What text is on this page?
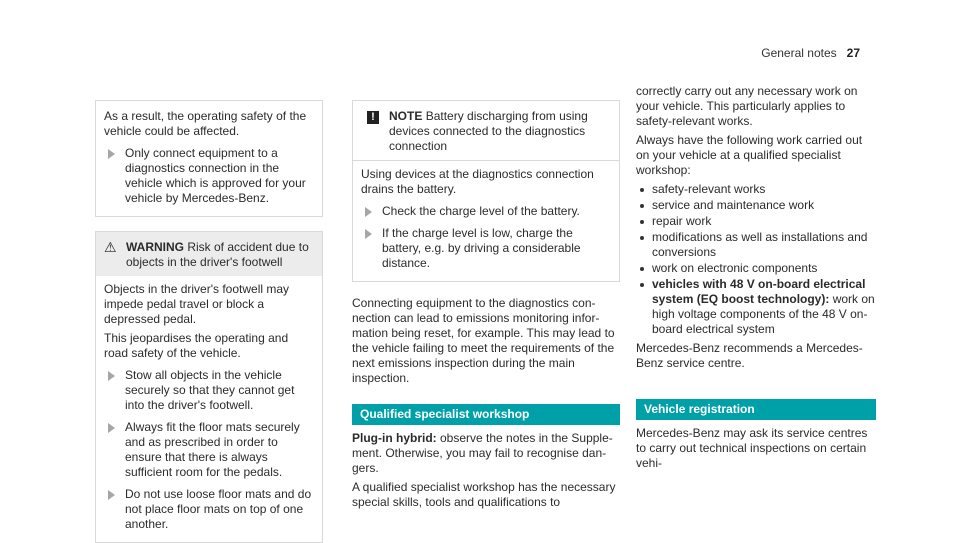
General notes 27

As a result, the operating safety of the vehicle could be affected.

Only connect equipment to a diagnostics connection in the vehicle which is approved for your vehicle by Mercedes-Benz.
⚠ WARNING Risk of accident due to objects in the driver's footwell

Objects in the driver's footwell may impede pedal travel or block a depressed pedal.

This jeopardises the operating and road safety of the vehicle.

Stow all objects in the vehicle securely so that they cannot get into the driver's footwell.
Always fit the floor mats securely and as prescribed in order to ensure that there is always sufficient room for the pedals.
Do not use loose floor mats and do not place floor mats on top of one another.
!	NOTE Battery discharging from using devices connected to the diagnostics connection

Using devices at the diagnostics connection drains the battery.

Check the charge level of the battery.
If the charge level is low, charge the battery, e.g. by driving a considerable distance.

Connecting equipment to the diagnostics connection can lead to emissions monitoring information being reset, for example. This may lead to the vehicle failing to meet the requirements of the next emissions inspection during the main inspection.

Qualified specialist workshop

Plug-in hybrid: observe the notes in the Supplement. Otherwise, you may fail to recognise dangers.

A qualified specialist workshop has the necessary special skills, tools and qualifications to

correctly carry out any necessary work on your vehicle. This particularly applies to safety-relevant works.

Always have the following work carried out on your vehicle at a qualified specialist workshop:

safety-relevant works
service and maintenance work
repair work
modifications as well as installations and conversions
work on electronic components
vehicles with 48 V on-board electrical system (EQ boost technology): work on high voltage components of the 48 V on-board electrical system

Mercedes-Benz recommends a Mercedes-Benz service centre.

Vehicle registration

Mercedes-Benz may ask its service centres to carry out technical inspections on certain vehi-
